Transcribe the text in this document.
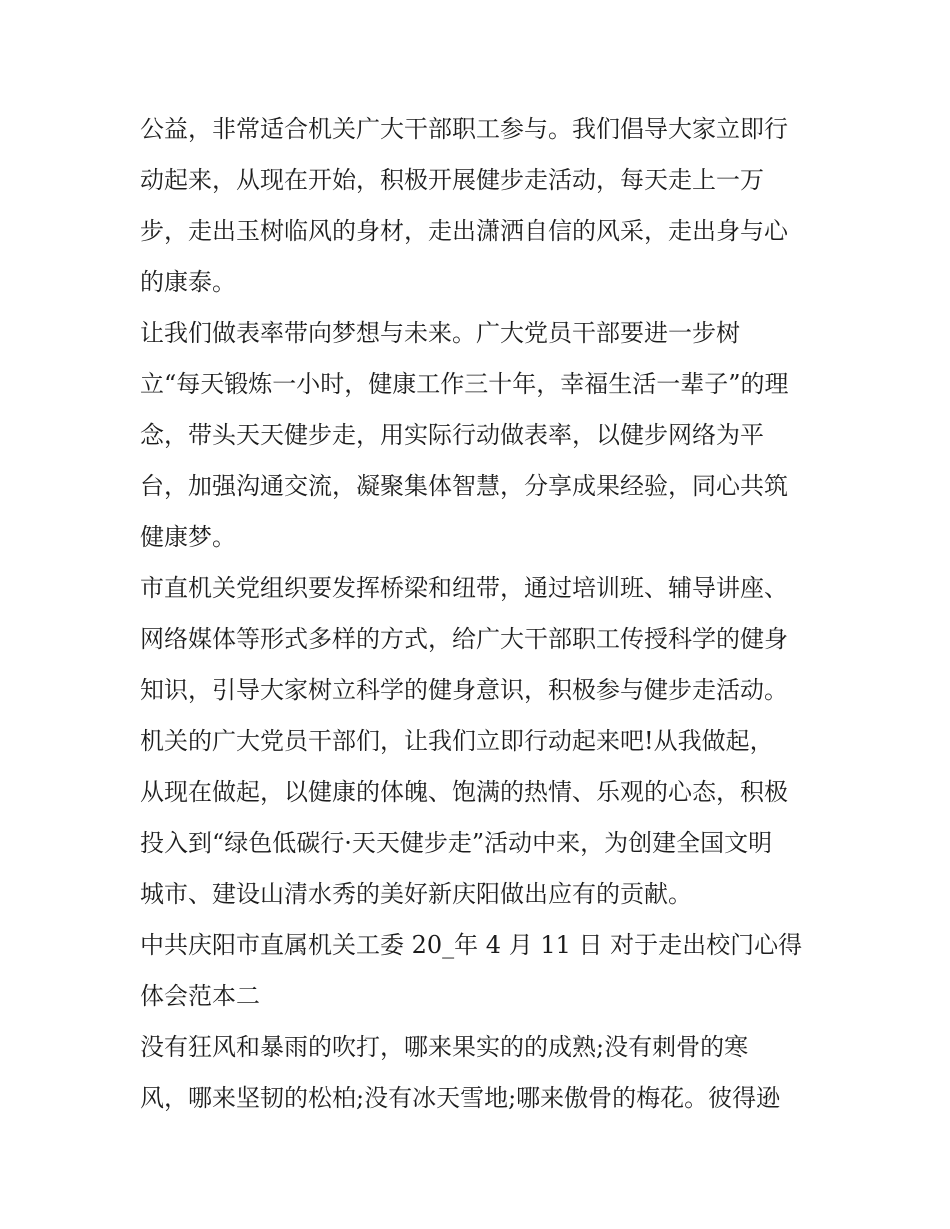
公益，非常适合机关广大干部职工参与。我们倡导大家立即行
动起来，从现在开始，积极开展健步走活动，每天走上一万
步，走出玉树临风的身材，走出潇洒自信的风采，走出身与心
的康泰。
让我们做表率带向梦想与未来。广大党员干部要进一步树
立“每天锻炼一小时，健康工作三十年，幸福生活一辈子”的理
念，带头天天健步走，用实际行动做表率，以健步网络为平
台，加强沟通交流，凝聚集体智慧，分享成果经验，同心共筑
健康梦。
市直机关党组织要发挥桥梁和纽带，通过培训班、辅导讲座、
网络媒体等形式多样的方式，给广大干部职工传授科学的健身
知识，引导大家树立科学的健身意识，积极参与健步走活动。
机关的广大党员干部们，让我们立即行动起来吧!从我做起，
从现在做起，以健康的体魄、饱满的热情、乐观的心态，积极
投入到“绿色低碳行·天天健步走”活动中来，为创建全国文明
城市、建设山清水秀的美好新庆阳做出应有的贡献。
中共庆阳市直属机关工委 20_年 4 月 11 日 对于走出校门心得
体会范本二
没有狂风和暴雨的吹打，哪来果实的的成熟;没有刺骨的寒
风，哪来坚韧的松柏;没有冰天雪地;哪来傲骨的梅花。彼得逊
